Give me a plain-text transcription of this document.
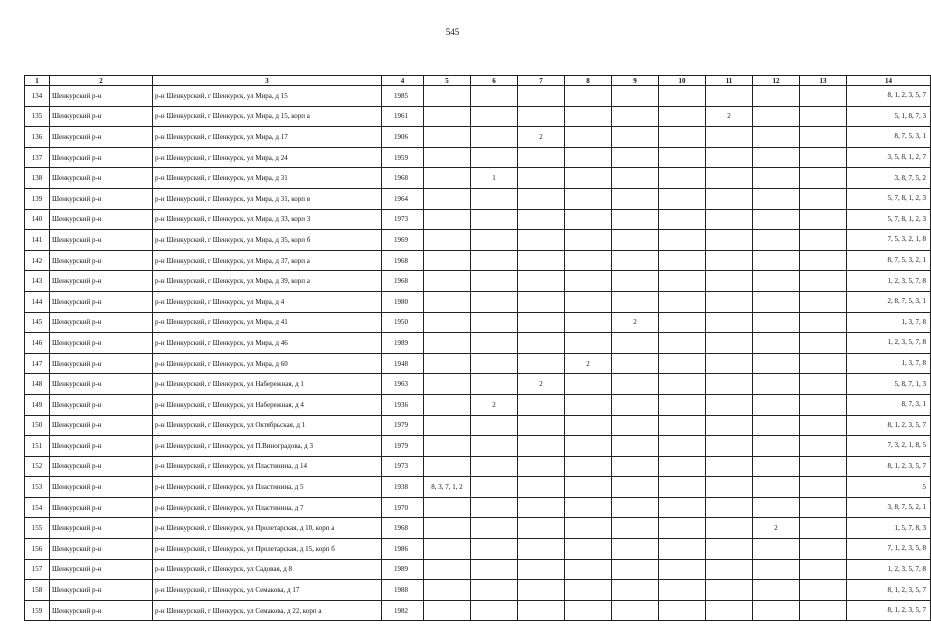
545
1	2	3	4	5	6	7	8	9	10	11	12	13	14
134	Шенкурский р-н	р-н Шенкурский, г Шенкурск, ул Мира, д 15	1985										8, 1, 2, 3, 5, 7
135	Шенкурский р-н	р-н Шенкурский, г Шенкурск, ул Мира, д 15, корп а	1961							2			5, 1, 8, 7, 3
136	Шенкурский р-н	р-н Шенкурский, г Шенкурск, ул Мира, д 17	1906			2							8, 7, 5, 3, 1
137	Шенкурский р-н	р-н Шенкурский, г Шенкурск, ул Мира, д 24	1959										3, 5, 8, 1, 2, 7
138	Шенкурский р-н	р-н Шенкурский, г Шенкурск, ул Мира, д 31	1968		1								3, 8, 7, 5, 2
139	Шенкурский р-н	р-н Шенкурский, г Шенкурск, ул Мира, д 31, корп в	1964										5, 7, 8, 1, 2, 3
140	Шенкурский р-н	р-н Шенкурский, г Шенкурск, ул Мира, д 33, корп 3	1973										5, 7, 8, 1, 2, 3
141	Шенкурский р-н	р-н Шенкурский, г Шенкурск, ул Мира, д 35, корп б	1969										7, 5, 3, 2, 1, 8
142	Шенкурский р-н	р-н Шенкурский, г Шенкурск, ул Мира, д 37, корп а	1968										8, 7, 5, 3, 2, 1
143	Шенкурский р-н	р-н Шенкурский, г Шенкурск, ул Мира, д 39, корп а	1968										1, 2, 3, 5, 7, 8
144	Шенкурский р-н	р-н Шенкурский, г Шенкурск, ул Мира, д 4	1980										2, 8, 7, 5, 3, 1
145	Шенкурский р-н	р-н Шенкурский, г Шенкурск, ул Мира, д 41	1950					2					1, 3, 7, 8
146	Шенкурский р-н	р-н Шенкурский, г Шенкурск, ул Мира, д 46	1989										1, 2, 3, 5, 7, 8
147	Шенкурский р-н	р-н Шенкурский, г Шенкурск, ул Мира, д 60	1948				2						1, 3, 7, 8
148	Шенкурский р-н	р-н Шенкурский, г Шенкурск, ул Набережная, д 1	1963			2							5, 8, 7, 1, 3
149	Шенкурский р-н	р-н Шенкурский, г Шенкурск, ул Набережная, д 4	1936		2								8, 7, 3, 1
150	Шенкурский р-н	р-н Шенкурский, г Шенкурск, ул Октябрьская, д 1	1979										8, 1, 2, 3, 5, 7
151	Шенкурский р-н	р-н Шенкурский, г Шенкурск, ул П.Виноградова, д 3	1979										7, 3, 2, 1, 8, 5
152	Шенкурский р-н	р-н Шенкурский, г Шенкурск, ул Пластинина, д 14	1973										8, 1, 2, 3, 5, 7
153	Шенкурский р-н	р-н Шенкурский, г Шенкурск, ул Пластинина, д 5	1938	8, 3, 7, 1, 2									5
154	Шенкурский р-н	р-н Шенкурский, г Шенкурск, ул Пластинина, д 7	1970										3, 8, 7, 5, 2, 1
155	Шенкурский р-н	р-н Шенкурский, г Шенкурск, ул Пролетарская, д 10, корп а	1968								2		1, 5, 7, 8, 3
156	Шенкурский р-н	р-н Шенкурский, г Шенкурск, ул Пролетарская, д 15, корп б	1986										7, 1, 2, 3, 5, 8
157	Шенкурский р-н	р-н Шенкурский, г Шенкурск, ул Садовая, д 8	1989										1, 2, 3, 5, 7, 8
158	Шенкурский р-н	р-н Шенкурский, г Шенкурск, ул Семакова, д 17	1988										8, 1, 2, 3, 5, 7
159	Шенкурский р-н	р-н Шенкурский, г Шенкурск, ул Семакова, д 22, корп а	1982										8, 1, 2, 3, 5, 7
